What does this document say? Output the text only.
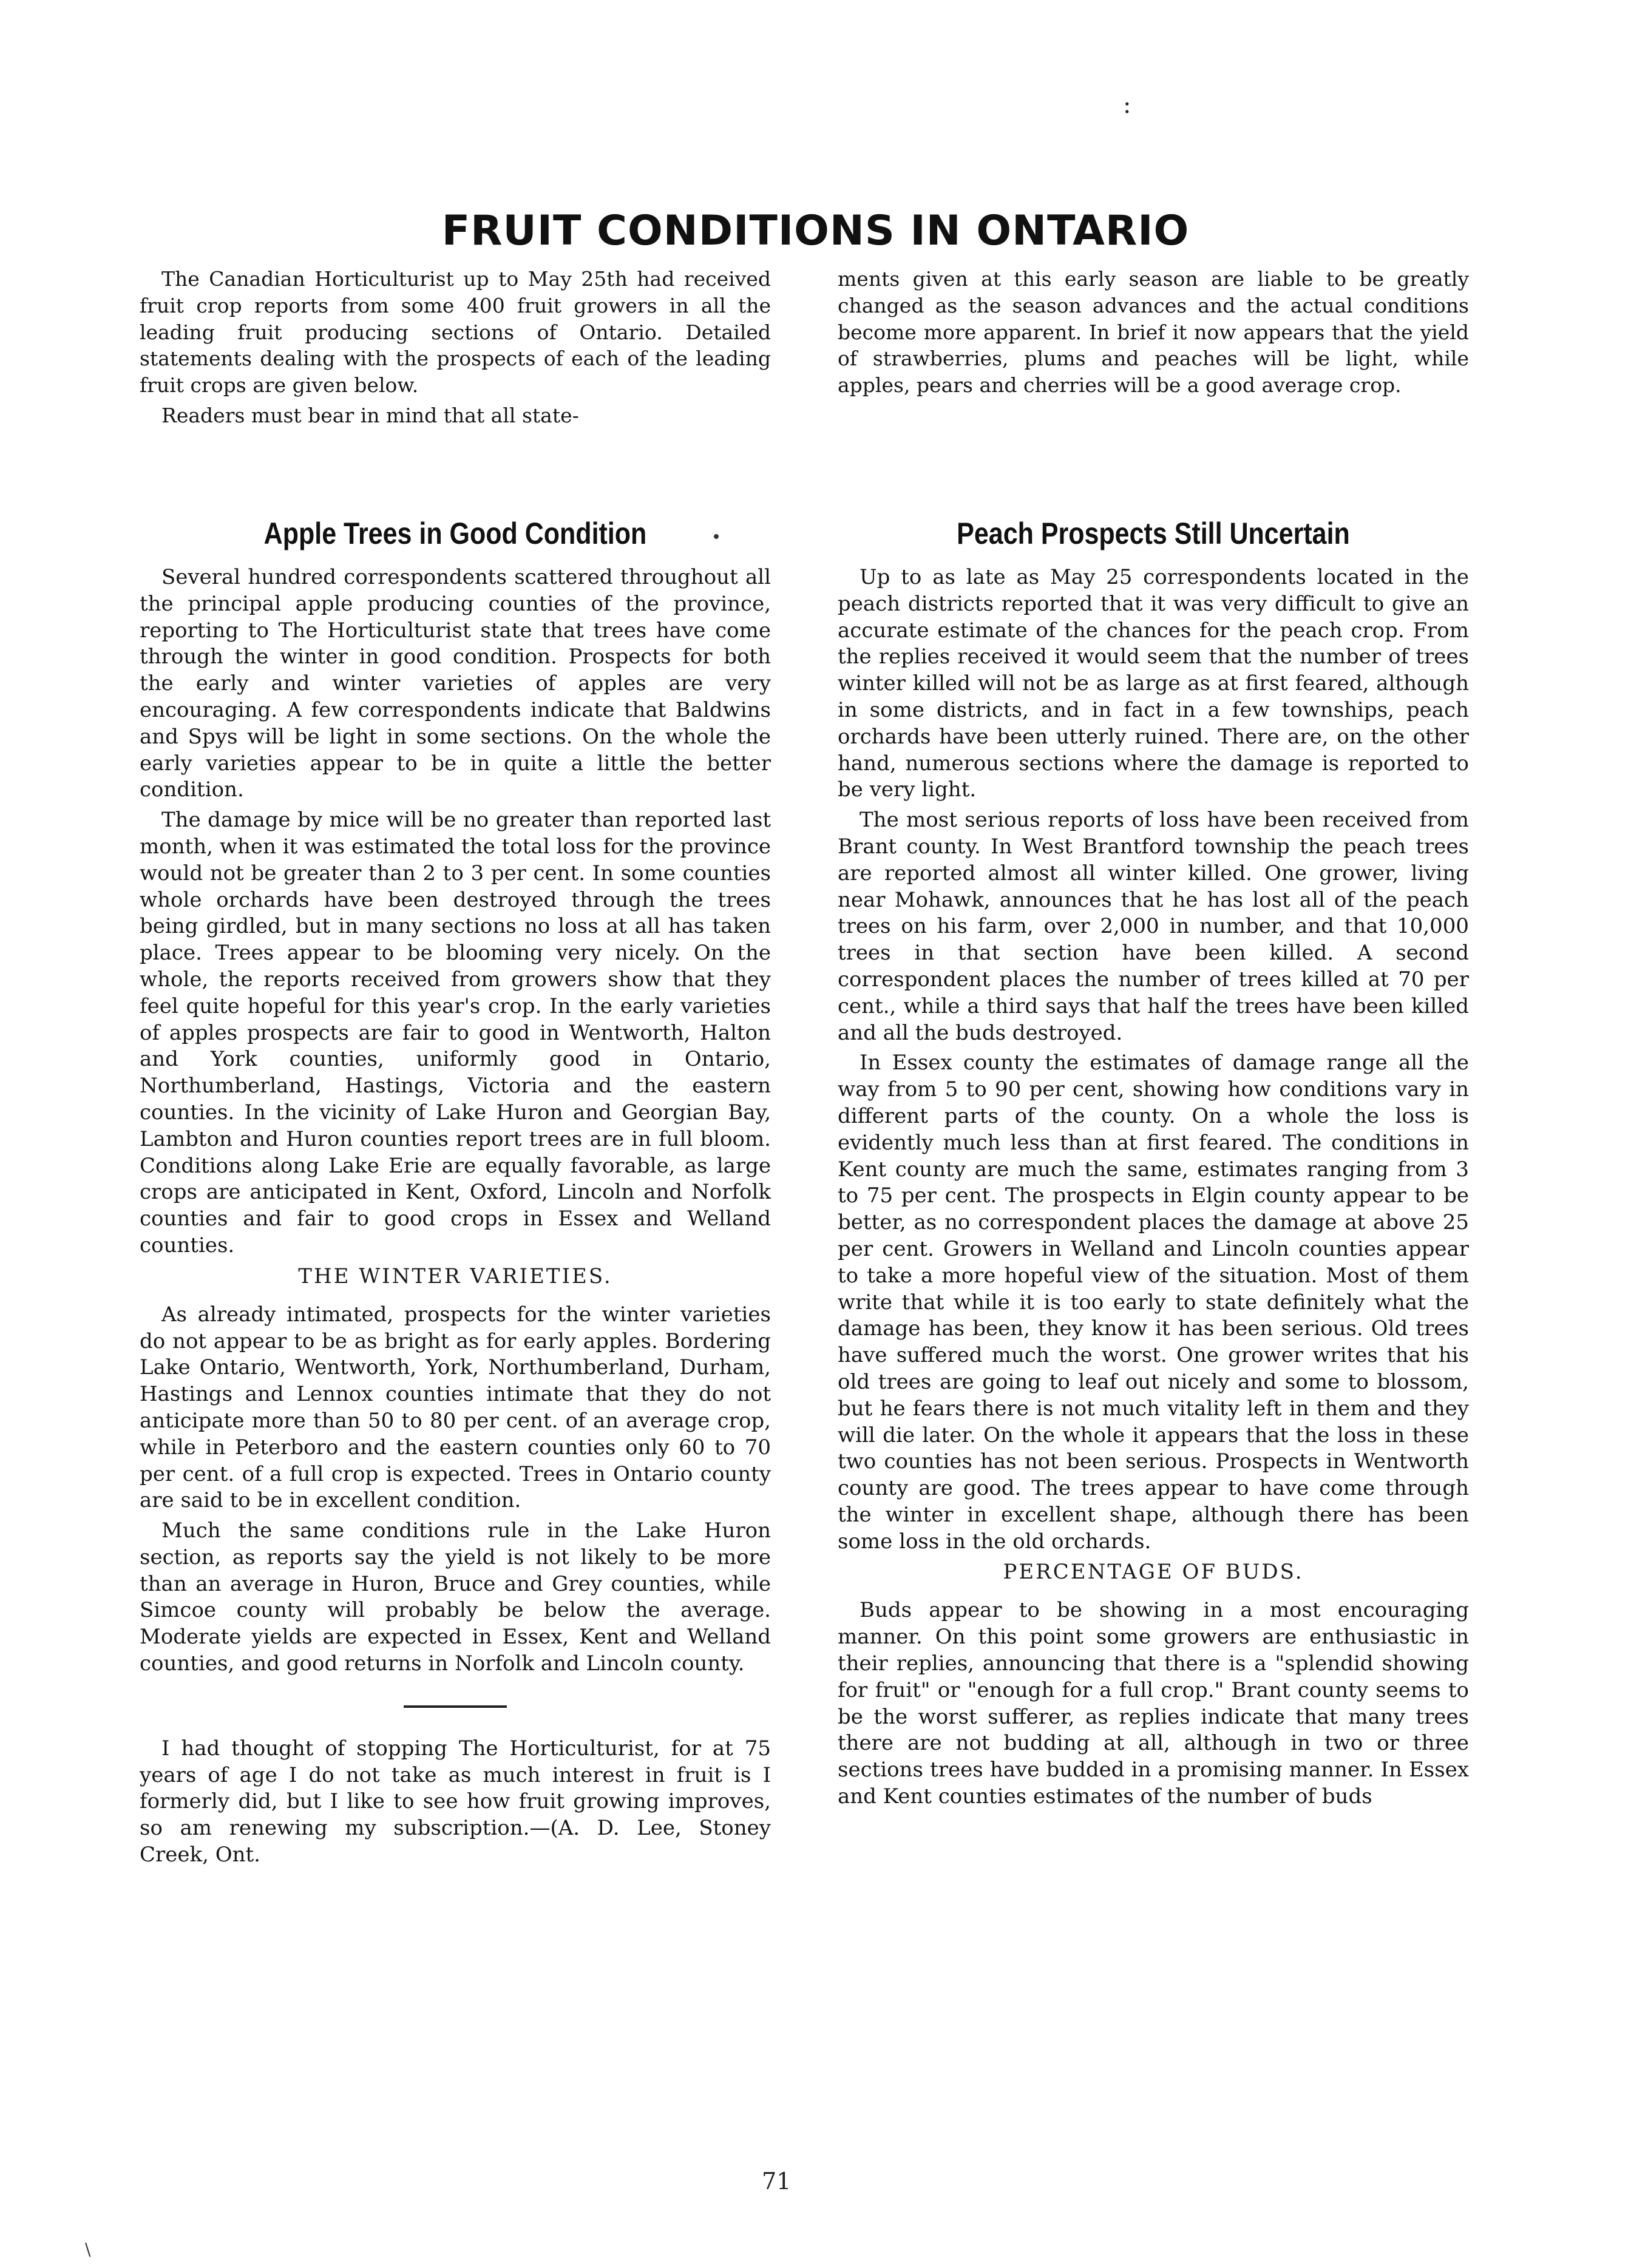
:
FRUIT CONDITIONS IN ONTARIO

The Canadian Horticulturist up to May 25th had received fruit crop reports from some 400 fruit growers in all the leading fruit producing sections of Ontario. Detailed statements dealing with the prospects of each of the leading fruit crops are given below.

Readers must bear in mind that all state-

ments given at this early season are liable to be greatly changed as the season advances and the actual conditions become more apparent. In brief it now appears that the yield of strawberries, plums and peaches will be light, while apples, pears and cherries will be a good average crop.

Apple Trees in Good Condition

Several hundred correspondents scattered throughout all the principal apple producing counties of the province, reporting to The Horticulturist state that trees have come through the winter in good condition. Prospects for both the early and winter varieties of apples are very encouraging. A few correspondents indicate that Baldwins and Spys will be light in some sections. On the whole the early varieties appear to be in quite a little the better condition.

The damage by mice will be no greater than reported last month, when it was estimated the total loss for the province would not be greater than 2 to 3 per cent. In some counties whole orchards have been destroyed through the trees being girdled, but in many sections no loss at all has taken place. Trees appear to be blooming very nicely. On the whole, the reports received from growers show that they feel quite hopeful for this year's crop. In the early varieties of apples prospects are fair to good in Wentworth, Halton and York counties, uniformly good in Ontario, Northumberland, Hastings, Victoria and the eastern counties. In the vicinity of Lake Huron and Georgian Bay, Lambton and Huron counties report trees are in full bloom. Conditions along Lake Erie are equally favorable, as large crops are anticipated in Kent, Oxford, Lincoln and Norfolk counties and fair to good crops in Essex and Welland counties.

THE WINTER VARIETIES.

As already intimated, prospects for the winter varieties do not appear to be as bright as for early apples. Bordering Lake Ontario, Wentworth, York, Northumberland, Durham, Hastings and Lennox counties intimate that they do not anticipate more than 50 to 80 per cent. of an average crop, while in Peterboro and the eastern counties only 60 to 70 per cent. of a full crop is expected. Trees in Ontario county are said to be in excellent condition.

Much the same conditions rule in the Lake Huron section, as reports say the yield is not likely to be more than an average in Huron, Bruce and Grey counties, while Simcoe county will probably be below the average. Moderate yields are expected in Essex, Kent and Welland counties, and good returns in Norfolk and Lincoln county.

I had thought of stopping The Horticulturist, for at 75 years of age I do not take as much interest in fruit is I formerly did, but I like to see how fruit growing improves, so am renewing my subscription.—(A. D. Lee, Stoney Creek, Ont.

Peach Prospects Still Uncertain

Up to as late as May 25 correspondents located in the peach districts reported that it was very difficult to give an accurate estimate of the chances for the peach crop. From the replies received it would seem that the number of trees winter killed will not be as large as at first feared, although in some districts, and in fact in a few townships, peach orchards have been utterly ruined. There are, on the other hand, numerous sections where the damage is reported to be very light.

The most serious reports of loss have been received from Brant county. In West Brantford township the peach trees are reported almost all winter killed. One grower, living near Mohawk, announces that he has lost all of the peach trees on his farm, over 2,000 in number, and that 10,000 trees in that section have been killed. A second correspondent places the number of trees killed at 70 per cent., while a third says that half the trees have been killed and all the buds destroyed.

In Essex county the estimates of damage range all the way from 5 to 90 per cent, showing how conditions vary in different parts of the county. On a whole the loss is evidently much less than at first feared. The conditions in Kent county are much the same, estimates ranging from 3 to 75 per cent. The prospects in Elgin county appear to be better, as no correspondent places the damage at above 25 per cent. Growers in Welland and Lincoln counties appear to take a more hopeful view of the situation. Most of them write that while it is too early to state definitely what the damage has been, they know it has been serious. Old trees have suffered much the worst. One grower writes that his old trees are going to leaf out nicely and some to blossom, but he fears there is not much vitality left in them and they will die later. On the whole it appears that the loss in these two counties has not been serious. Prospects in Wentworth county are good. The trees appear to have come through the winter in excellent shape, although there has been some loss in the old orchards.

PERCENTAGE OF BUDS.

Buds appear to be showing in a most encouraging manner. On this point some growers are enthusiastic in their replies, announcing that there is a "splendid showing for fruit" or "enough for a full crop." Brant county seems to be the worst sufferer, as replies indicate that many trees there are not budding at all, although in two or three sections trees have budded in a promising manner. In Essex and Kent counties estimates of the number of buds

71
\
